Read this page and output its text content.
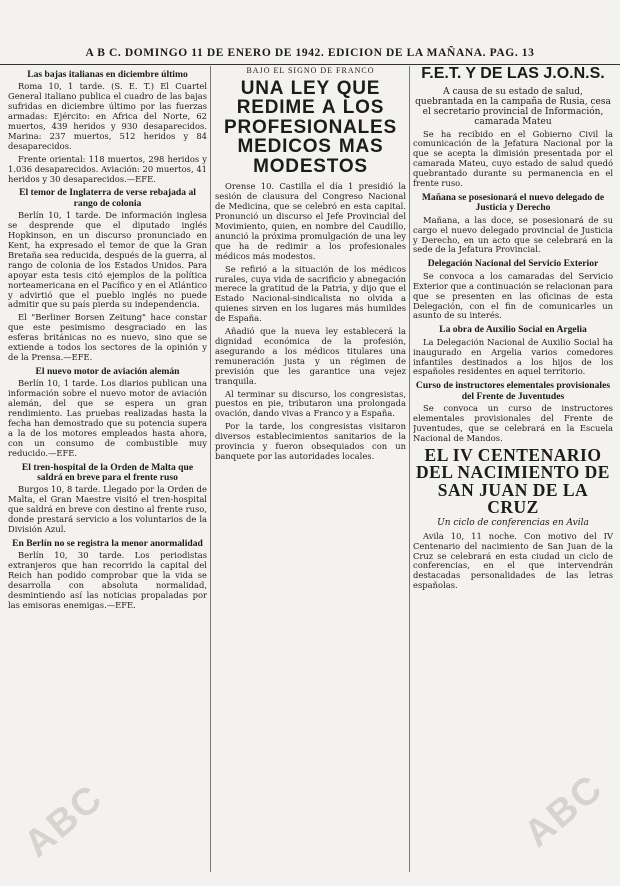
A B C. DOMINGO 11 DE ENERO DE 1942. EDICION DE LA MAÑANA. PAG. 13
Las bajas italianas en diciembre último

Roma 10, 1 tarde. (S. E. T.) El Cuartel General italiano publica el cuadro de las bajas sufridas en diciembre último por las fuerzas armadas: Ejército: en Africa del Norte, 62 muertos, 439 heridos y 930 desaparecidos. Marina: 237 muertos, 512 heridos y 84 desaparecidos.

Frente oriental: 118 muertos, 298 heridos y 1.036 desaparecidos. Aviación: 20 muertos, 41 heridos y 30 desaparecidos.—EFE.

El temor de Inglaterra de verse rebajada al rango de colonia

Berlín 10, 1 tarde. De información inglesa se desprende que el diputado inglés Hopkinson, en un discurso pronunciado en Kent, ha expresado el temor de que la Gran Bretaña sea reducida, después de la guerra, al rango de colonia de los Estados Unidos. Para apoyar esta tesis citó ejemplos de la política norteamericana en el Pacífico y en el Atlántico y advirtió que el pueblo inglés no puede admitir que su país pierda su independencia.

El "Berliner Borsen Zeitung" hace constar que este pesimismo desgraciado en las esferas británicas no es nuevo, sino que se extiende a todos los sectores de la opinión y de la Prensa.—EFE.

El nuevo motor de aviación alemán

Berlín 10, 1 tarde. Los diarios publican una información sobre el nuevo motor de aviación alemán, del que se espera un gran rendimiento. Las pruebas realizadas hasta la fecha han demostrado que su potencia supera a la de los motores empleados hasta ahora, con un consumo de combustible muy reducido.—EFE.

El tren-hospital de la Orden de Malta que saldrá en breve para el frente ruso

Burgos 10, 8 tarde. Llegado por la Orden de Malta, el Gran Maestre visitó el tren-hospital que saldrá en breve con destino al frente ruso, donde prestará servicio a los voluntarios de la División Azul.

En Berlín no se registra la menor anormalidad

Berlín 10, 30 tarde. Los periodistas extranjeros que han recorrido la capital del Reich han podido comprobar que la vida se desarrolla con absoluta normalidad, desmintiendo así las noticias propaladas por las emisoras enemigas.—EFE.

BAJO EL SIGNO DE FRANCO
UNA LEY QUE REDIME A LOS PROFESIONALES MEDICOS MAS MODESTOS

Orense 10. Castilla el día 1 presidió la sesión de clausura del Congreso Nacional de Medicina, que se celebró en esta capital. Pronunció un discurso el Jefe Provincial del Movimiento, quien, en nombre del Caudillo, anunció la próxima promulgación de una ley que ha de redimir a los profesionales médicos más modestos.

Se refirió a la situación de los médicos rurales, cuya vida de sacrificio y abnegación merece la gratitud de la Patria, y dijo que el Estado Nacional-sindicalista no olvida a quienes sirven en los lugares más humildes de España.

Añadió que la nueva ley establecerá la dignidad económica de la profesión, asegurando a los médicos titulares una remuneración justa y un régimen de previsión que les garantice una vejez tranquila.

Al terminar su discurso, los congresistas, puestos en pie, tributaron una prolongada ovación, dando vivas a Franco y a España.

Por la tarde, los congresistas visitaron diversos establecimientos sanitarios de la provincia y fueron obsequiados con un banquete por las autoridades locales.

F.E.T. Y DE LAS J.O.N.S.
A causa de su estado de salud, quebrantada en la campaña de Rusia, cesa el secretario provincial de Información, camarada Mateu

Se ha recibido en el Gobierno Civil la comunicación de la Jefatura Nacional por la que se acepta la dimisión presentada por el camarada Mateu, cuyo estado de salud quedó quebrantado durante su permanencia en el frente ruso.

Mañana se posesionará el nuevo delegado de Justicia y Derecho

Mañana, a las doce, se posesionará de su cargo el nuevo delegado provincial de Justicia y Derecho, en un acto que se celebrará en la sede de la Jefatura Provincial.

Delegación Nacional del Servicio Exterior

Se convoca a los camaradas del Servicio Exterior que a continuación se relacionan para que se presenten en las oficinas de esta Delegación, con el fin de comunicarles un asunto de su interés.

La obra de Auxilio Social en Argelia

La Delegación Nacional de Auxilio Social ha inaugurado en Argelia varios comedores infantiles destinados a los hijos de los españoles residentes en aquel territorio.

Curso de instructores elementales provisionales del Frente de Juventudes

Se convoca un curso de instructores elementales provisionales del Frente de Juventudes, que se celebrará en la Escuela Nacional de Mandos.

EL IV CENTENARIO DEL NACIMIENTO DE SAN JUAN DE LA CRUZ
Un ciclo de conferencias en Avila

Avila 10, 11 noche. Con motivo del IV Centenario del nacimiento de San Juan de la Cruz se celebrará en esta ciudad un ciclo de conferencias, en el que intervendrán destacadas personalidades de las letras españolas.

ABC	ABC
